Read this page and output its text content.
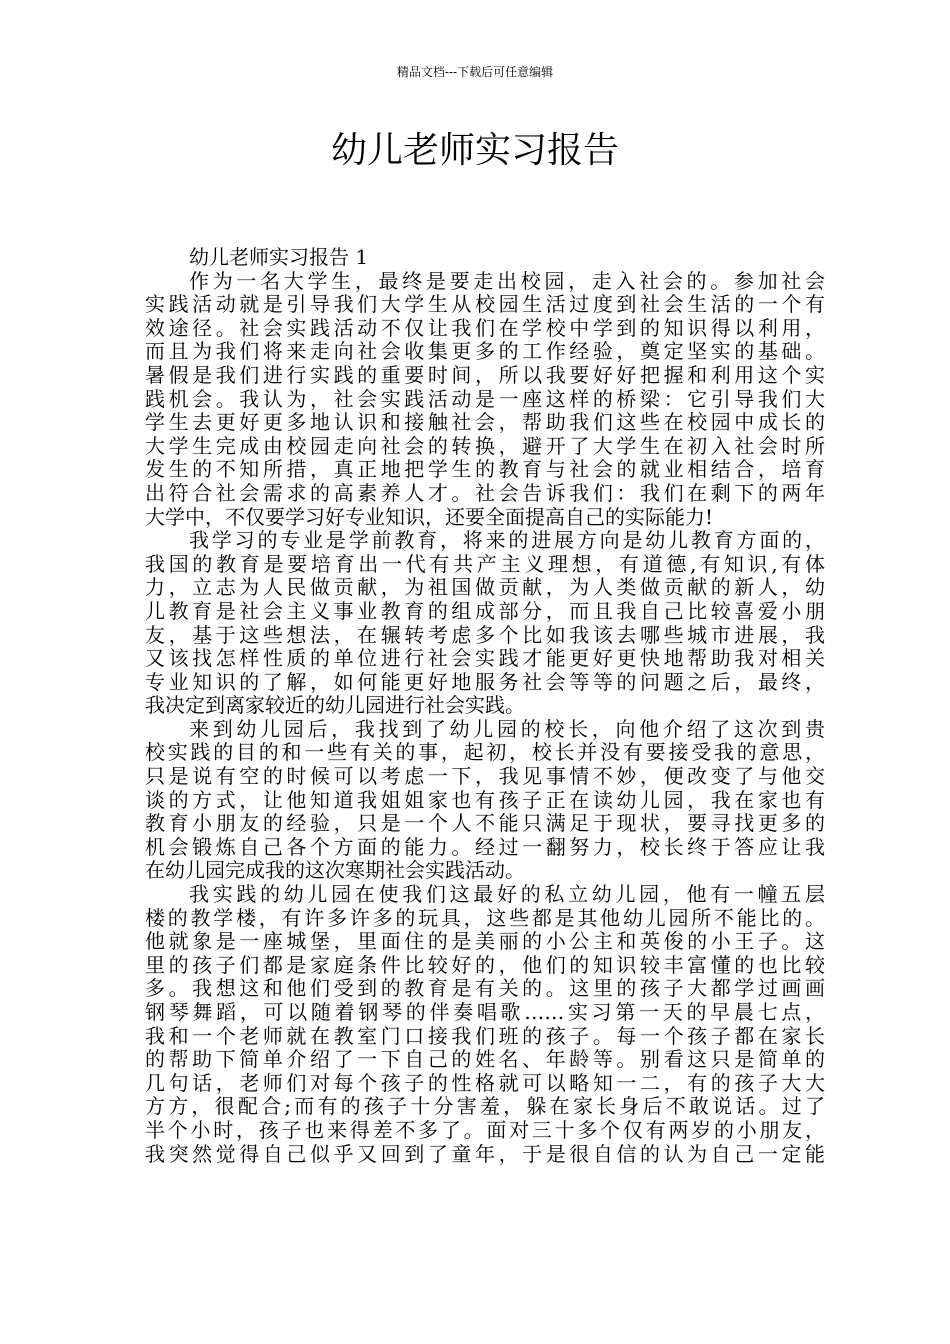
精品文档---下载后可任意编辑
幼儿老师实习报告
幼儿老师实习报告 1
作为一名大学生，最终是要走出校园，走入社会的。参加社会
实践活动就是引导我们大学生从校园生活过度到社会生活的一个有
效途径。社会实践活动不仅让我们在学校中学到的知识得以利用，
而且为我们将来走向社会收集更多的工作经验，奠定坚实的基础。
暑假是我们进行实践的重要时间，所以我要好好把握和利用这个实
践机会。我认为，社会实践活动是一座这样的桥梁：它引导我们大
学生去更好更多地认识和接触社会，帮助我们这些在校园中成长的
大学生完成由校园走向社会的转换，避开了大学生在初入社会时所
发生的不知所措，真正地把学生的教育与社会的就业相结合，培育
出符合社会需求的高素养人才。社会告诉我们：我们在剩下的两年
大学中，不仅要学习好专业知识，还要全面提高自己的实际能力!
我学习的专业是学前教育，将来的进展方向是幼儿教育方面的，
我国的教育是要培育出一代有共产主义理想，有道德,有知识,有体
力，立志为人民做贡献，为祖国做贡献，为人类做贡献的新人，幼
儿教育是社会主义事业教育的组成部分，而且我自己比较喜爱小朋
友，基于这些想法，在辗转考虑多个比如我该去哪些城市进展，我
又该找怎样性质的单位进行社会实践才能更好更快地帮助我对相关
专业知识的了解，如何能更好地服务社会等等的问题之后，最终，
我决定到离家较近的幼儿园进行社会实践。
来到幼儿园后，我找到了幼儿园的校长，向他介绍了这次到贵
校实践的目的和一些有关的事，起初，校长并没有要接受我的意思，
只是说有空的时候可以考虑一下，我见事情不妙，便改变了与他交
谈的方式，让他知道我姐姐家也有孩子正在读幼儿园，我在家也有
教育小朋友的经验，只是一个人不能只满足于现状，要寻找更多的
机会锻炼自己各个方面的能力。经过一翻努力，校长终于答应让我
在幼儿园完成我的这次寒期社会实践活动。
我实践的幼儿园在使我们这最好的私立幼儿园，他有一幢五层
楼的教学楼，有许多许多的玩具，这些都是其他幼儿园所不能比的。
他就象是一座城堡，里面住的是美丽的小公主和英俊的小王子。这
里的孩子们都是家庭条件比较好的，他们的知识较丰富懂的也比较
多。我想这和他们受到的教育是有关的。这里的孩子大都学过画画
钢琴舞蹈，可以随着钢琴的伴奏唱歌……实习第一天的早晨七点，
我和一个老师就在教室门口接我们班的孩子。每一个孩子都在家长
的帮助下简单介绍了一下自己的姓名、年龄等。别看这只是简单的
几句话，老师们对每个孩子的性格就可以略知一二，有的孩子大大
方方，很配合;而有的孩子十分害羞，躲在家长身后不敢说话。过了
半个小时，孩子也来得差不多了。面对三十多个仅有两岁的小朋友，
我突然觉得自己似乎又回到了童年，于是很自信的认为自己一定能
